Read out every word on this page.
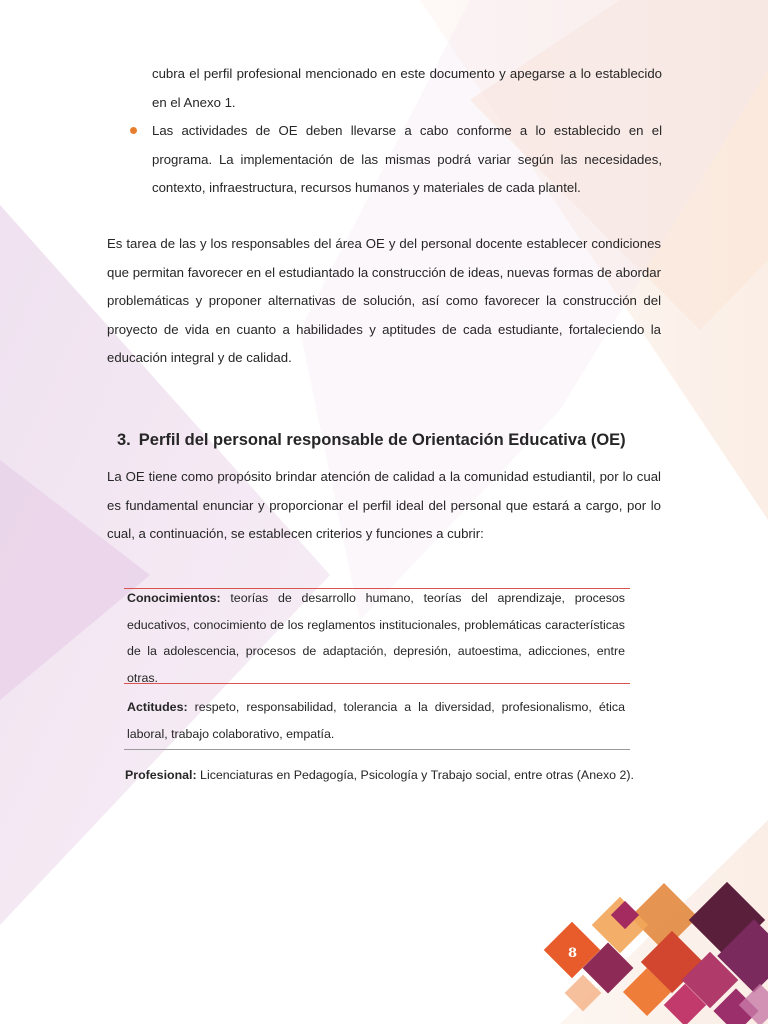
cubra el perfil profesional mencionado en este documento y apegarse a lo establecido en el Anexo 1.

Las actividades de OE deben llevarse a cabo conforme a lo establecido en el programa. La implementación de las mismas podrá variar según las necesidades, contexto, infraestructura, recursos humanos y materiales de cada plantel.

Es tarea de las y los responsables del área OE y del personal docente establecer condiciones que permitan favorecer en el estudiantado la construcción de ideas, nuevas formas de abordar problemáticas y proponer alternativas de solución, así como favorecer la construcción del proyecto de vida en cuanto a habilidades y aptitudes de cada estudiante, fortaleciendo la educación integral y de calidad.

3. Perfil del personal responsable de Orientación Educativa (OE)

La OE tiene como propósito brindar atención de calidad a la comunidad estudiantil, por lo cual es fundamental enunciar y proporcionar el perfil ideal del personal que estará a cargo, por lo cual, a continuación, se establecen criterios y funciones a cubrir:

Conocimientos: teorías de desarrollo humano, teorías del aprendizaje, procesos educativos, conocimiento de los reglamentos institucionales, problemáticas características de la adolescencia, procesos de adaptación, depresión, autoestima, adicciones, entre otras.

Actitudes: respeto, responsabilidad, tolerancia a la diversidad, profesionalismo, ética laboral, trabajo colaborativo, empatía.

Profesional: Licenciaturas en Pedagogía, Psicología y Trabajo social, entre otras (Anexo 2).

8
